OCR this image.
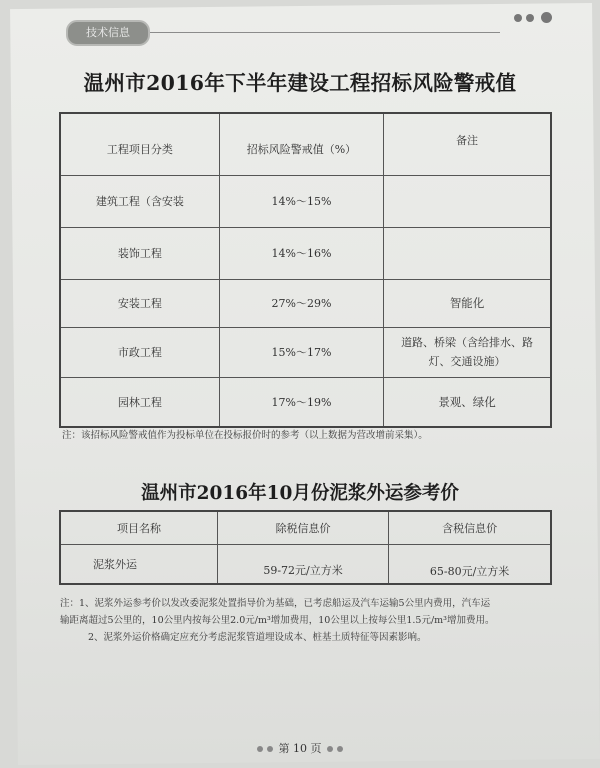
技术信息
温州市2016年下半年建设工程招标风险警戒值
工程项目分类	招标风险警戒值（%）	备注
建筑工程（含安装	14%～15%	
装饰工程	14%～16%	
安装工程	27%～29%	智能化
市政工程	15%～17%	道路、桥梁（含给排水、路灯、交通设施）
园林工程	17%～19%	景观、绿化
注：该招标风险警戒值作为投标单位在投标报价时的参考（以上数据为营改增前采集）。
温州市2016年10月份泥浆外运参考价
项目名称	除税信息价	含税信息价
泥浆外运	59-72元/立方米	65-80元/立方米
注：1、泥浆外运参考价以发改委泥浆处置指导价为基础，已考虑船运及汽车运输5公里内费用，汽车运
输距离超过5公里的，10公里内按每公里2.0元/m³增加费用，10公里以上按每公里1.5元/m³增加费用。
2、泥浆外运价格确定应充分考虑泥浆管道埋设成本、桩基土质特征等因素影响。
第 10 页
